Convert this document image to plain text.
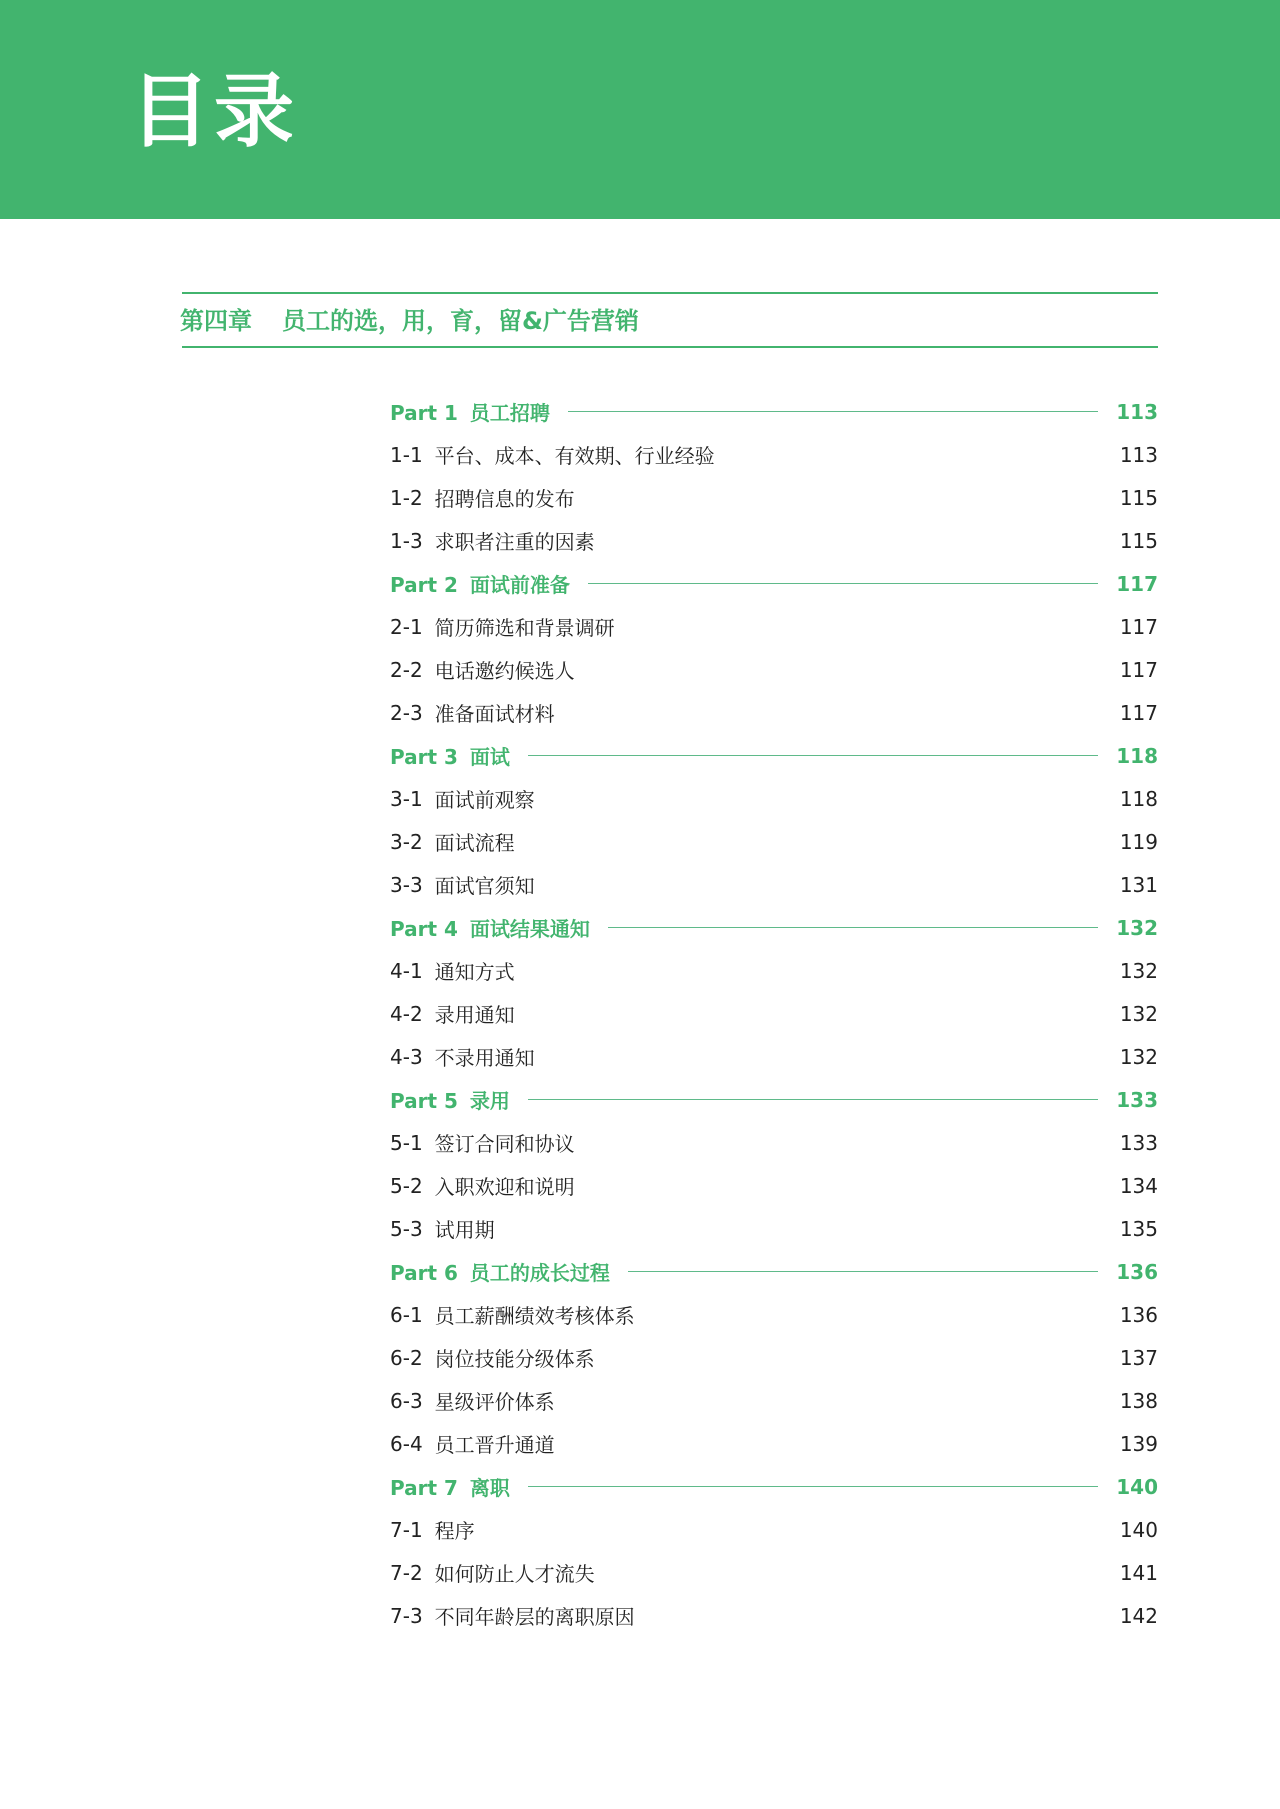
目录
第四章 员工的选，用，育，留&广告营销
Part 1 员工招聘	113
1-1 平台、成本、有效期、行业经验	113
1-2 招聘信息的发布	115
1-3 求职者注重的因素	115
Part 2 面试前准备	117
2-1 简历筛选和背景调研	117
2-2 电话邀约候选人	117
2-3 准备面试材料	117
Part 3 面试	118
3-1 面试前观察	118
3-2 面试流程	119
3-3 面试官须知	131
Part 4 面试结果通知	132
4-1 通知方式	132
4-2 录用通知	132
4-3 不录用通知	132
Part 5 录用	133
5-1 签订合同和协议	133
5-2 入职欢迎和说明	134
5-3 试用期	135
Part 6 员工的成长过程	136
6-1 员工薪酬绩效考核体系	136
6-2 岗位技能分级体系	137
6-3 星级评价体系	138
6-4 员工晋升通道	139
Part 7 离职	140
7-1 程序	140
7-2 如何防止人才流失	141
7-3 不同年龄层的离职原因	142
